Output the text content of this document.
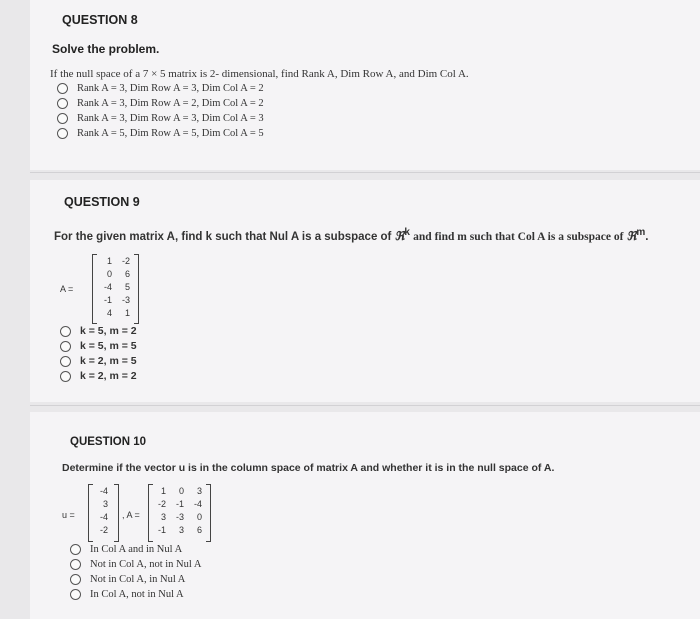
QUESTION 8
Solve the problem.
If the null space of a 7 × 5 matrix is 2- dimensional, find Rank A, Dim Row A, and Dim Col A.
Rank A = 3, Dim Row A = 3, Dim Col A = 2
Rank A = 3, Dim Row A = 2, Dim Col A = 2
Rank A = 3, Dim Row A = 3, Dim Col A = 3
Rank A = 5, Dim Row A = 5, Dim Col A = 5
QUESTION 9
For the given matrix A, find k such that Nul A is a subspace of ℜ$^k$ and find m such that Col A is a subspace of ℜ$^m$.
A =
1	-2
0	6
-4	5
-1	-3
4	1
k = 5, m = 2
k = 5, m = 5
k = 2, m = 5
k = 2, m = 2
QUESTION 10
Determine if the vector u is in the column space of matrix A and whether it is in the null space of A.
u =
-4
3
-4
-2
, A =
1	0	3
-2	-1	-4
3	-3	0
-1	3	6
In Col A and in Nul A
Not in Col A, not in Nul A
Not in Col A, in Nul A
In Col A, not in Nul A
